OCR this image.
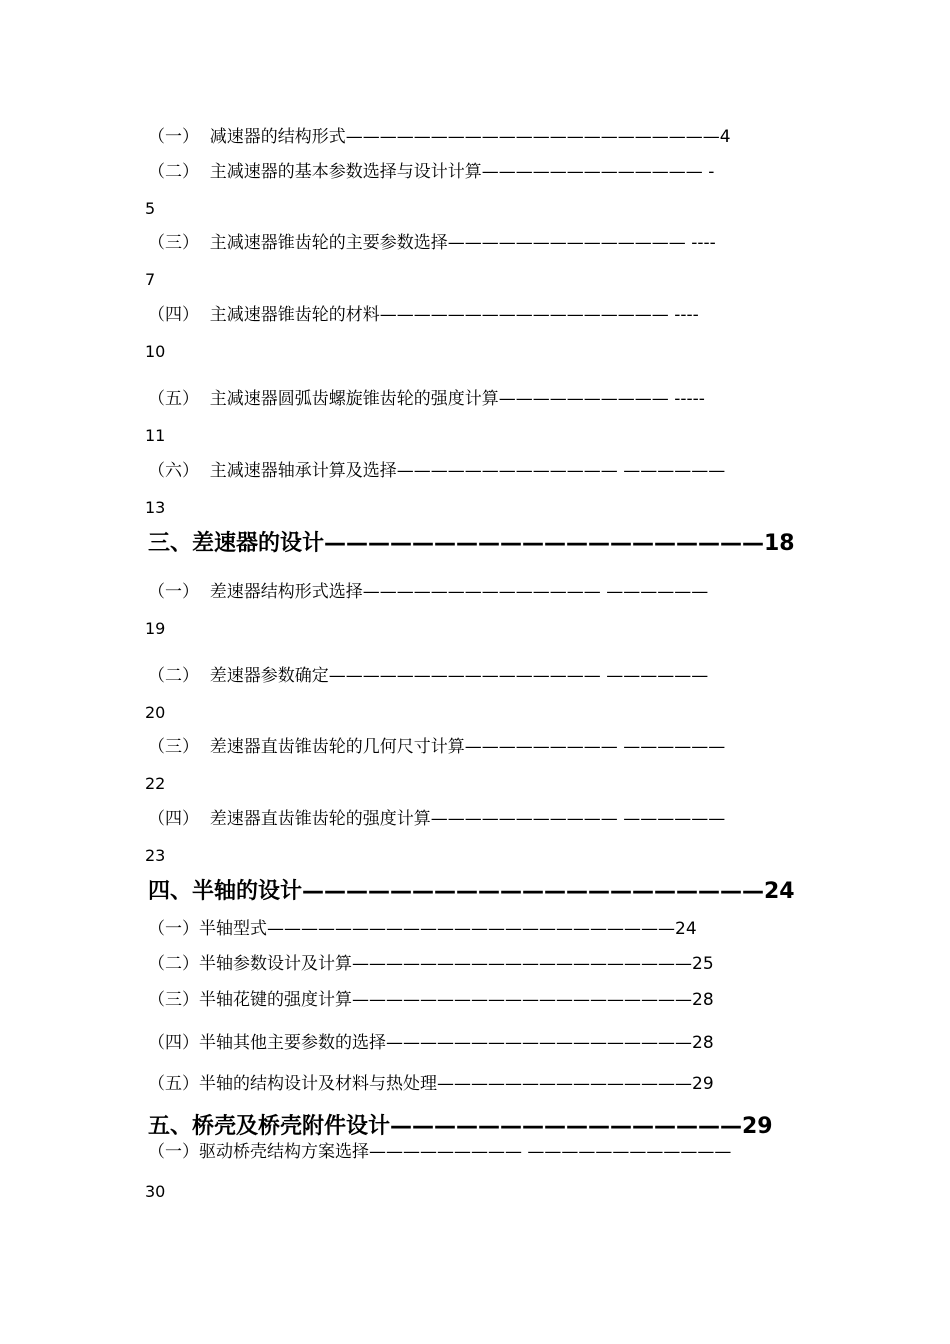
（一）  减速器的结构形式——————————————————————4
（二）  主减速器的基本参数选择与设计计算————————————— -
5
（三）  主减速器锥齿轮的主要参数选择—————————————— ----
7
（四）  主减速器锥齿轮的材料————————————————— ----
10
（五）  主减速器圆弧齿螺旋锥齿轮的强度计算—————————— -----
11
（六）  主减速器轴承计算及选择————————————— ——————
13
三、差速器的设计————————————————————18
（一）  差速器结构形式选择—————————————— ——————
19
（二）  差速器参数确定———————————————— ——————
20
（三）  差速器直齿锥齿轮的几何尺寸计算————————— ——————
22
（四）  差速器直齿锥齿轮的强度计算——————————— ——————
23
四、半轴的设计—————————————————————24
（一）半轴型式————————————————————————24
（二）半轴参数设计及计算————————————————————25
（三）半轴花键的强度计算————————————————————28
（四）半轴其他主要参数的选择——————————————————28
（五）半轴的结构设计及材料与热处理———————————————29
五、桥壳及桥壳附件设计————————————————29
（一）驱动桥壳结构方案选择————————— ————————————
30
